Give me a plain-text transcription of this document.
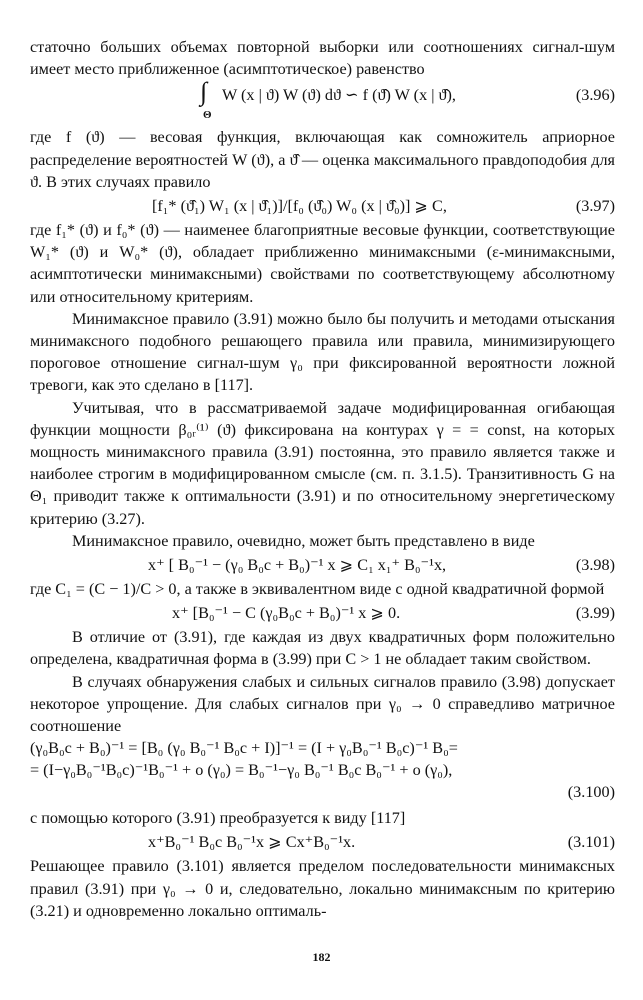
статочно больших объемах повторной выборки или соотношениях сигнал-шум имеет место приближенное (асимптотическое) равенство

∫
Θ
W (x | ϑ) W (ϑ) dϑ ∽ f (ϑ̂) W (x | ϑ̂),	(3.96)

где f (ϑ) — весовая функция, включающая как сомножитель априорное распределение вероятностей W (ϑ), а ϑ̂ — оценка максимального правдоподобия для ϑ. В этих случаях правило

[f₁* (ϑ̂₁) W₁ (x | ϑ̂₁)]/[f₀ (ϑ̂₀) W₀ (x | ϑ̂₀)] ⩾ C,	(3.97)

где f₁* (ϑ) и f₀* (ϑ) — наименее благоприятные весовые функции, соответствующие W₁* (ϑ) и W₀* (ϑ), обладает приближенно минимаксными (ε-минимаксными, асимптотически минимаксными) свойствами по соответствующему абсолютному или относительному критериям.

Минимаксное правило (3.91) можно было бы получить и методами отыскания минимаксного подобного решающего правила или правила, минимизирующего пороговое отношение сигнал-шум γ₀ при фиксированной вероятности ложной тревоги, как это сделано в [117].

Учитывая, что в рассматриваемой задаче модифицированная огибающая функции мощности β₀ᵣ⁽¹⁾ (ϑ) фиксирована на контурах γ = = const, на которых мощность минимаксного правила (3.91) постоянна, это правило является также и наиболее строгим в модифицированном смысле (см. п. 3.1.5). Транзитивность G на Θ₁ приводит также к оптимальности (3.91) и по относительному энергетическому критерию (3.27).

Минимаксное правило, очевидно, может быть представлено в виде

x⁺ [ B₀⁻¹ − (γ₀ B₀c + B₀)⁻¹ x ⩾ C₁ x₁⁺ B₀⁻¹x,	(3.98)

где C₁ = (C − 1)/C > 0, а также в эквивалентном виде с одной квадратичной формой

x⁺ [B₀⁻¹ − C (γ₀B₀c + B₀)⁻¹ x ⩾ 0.	(3.99)

В отличие от (3.91), где каждая из двух квадратичных форм положительно определена, квадратичная форма в (3.99) при C > 1 не обладает таким свойством.

В случаях обнаружения слабых и сильных сигналов правило (3.98) допускает некоторое упрощение. Для слабых сигналов при γ₀ → 0 справедливо матричное соотношение

(γ₀B₀c + B₀)⁻¹ = [B₀ (γ₀ B₀⁻¹ B₀c + I)]⁻¹ = (I + γ₀B₀⁻¹ B₀c)⁻¹ B₀=
= (I−γ₀B₀⁻¹B₀c)⁻¹B₀⁻¹ + o (γ₀) = B₀⁻¹−γ₀ B₀⁻¹ B₀c B₀⁻¹ + o (γ₀),
(3.100)

с помощью которого (3.91) преобразуется к виду [117]

x⁺B₀⁻¹ B₀c B₀⁻¹x ⩾ Cx⁺B₀⁻¹x.	(3.101)

Решающее правило (3.101) является пределом последовательности минимаксных правил (3.91) при γ₀ → 0 и, следовательно, локально минимаксным по критерию (3.21) и одновременно локально оптималь-

182
